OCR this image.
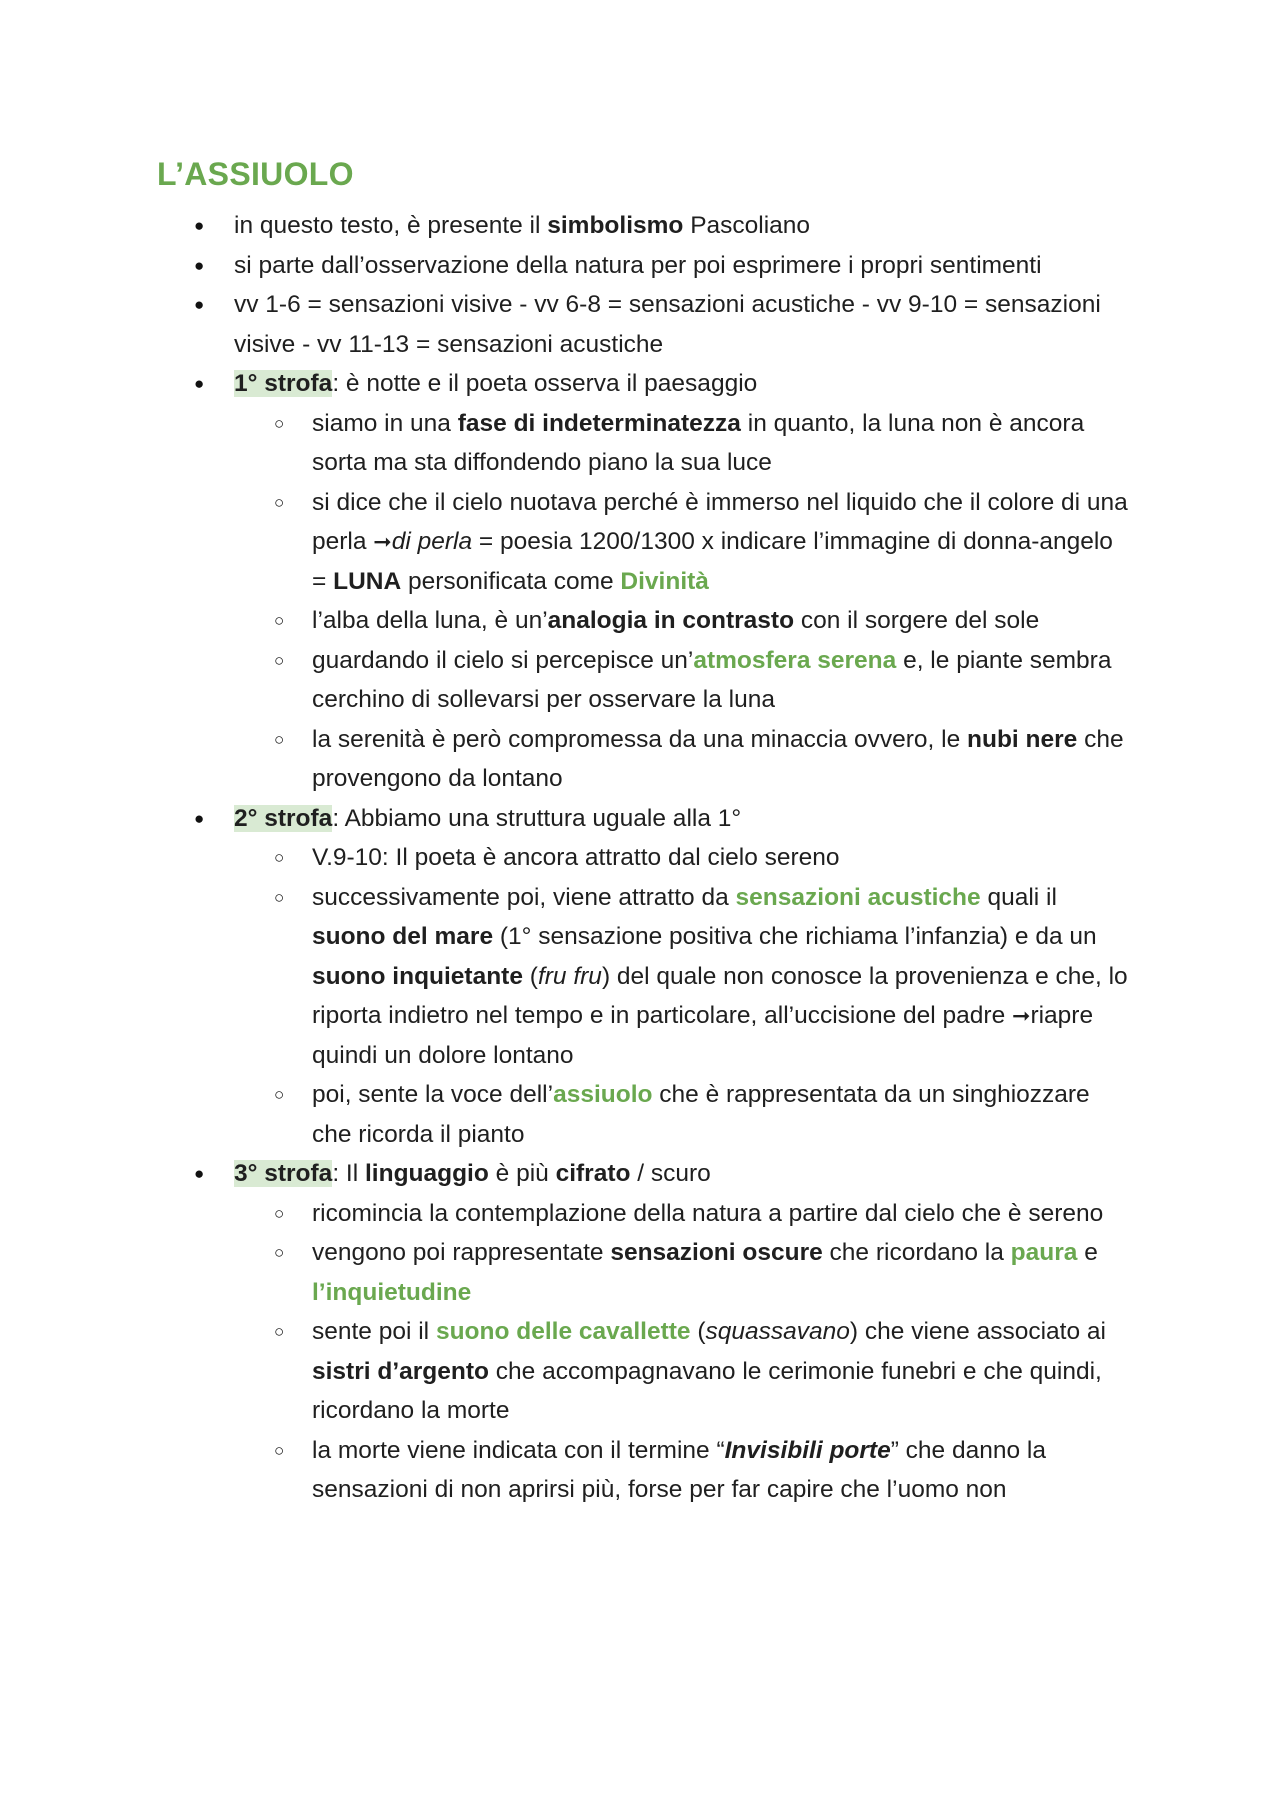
L’ASSIUOLO
● in questo testo, è presente il simbolismo Pascoliano
● si parte dall’osservazione della natura per poi esprimere i propri sentimenti
● vv 1-6 = sensazioni visive - vv 6-8 = sensazioni acustiche - vv 9-10 = sensazioni visive - vv 11-13 = sensazioni acustiche
● 1° strofa: è notte e il poeta osserva il paesaggio
○ siamo in una fase di indeterminatezza in quanto, la luna non è ancora sorta ma sta diffondendo piano la sua luce
○ si dice che il cielo nuotava perché è immerso nel liquido che il colore di una perla ➞di perla = poesia 1200/1300 x indicare l’immagine di donna-angelo = LUNA personificata come Divinità
○ l’alba della luna, è un’analogia in contrasto con il sorgere del sole
○ guardando il cielo si percepisce un’atmosfera serena e, le piante sembra cerchino di sollevarsi per osservare la luna
○ la serenità è però compromessa da una minaccia ovvero, le nubi nere che provengono da lontano
● 2° strofa: Abbiamo una struttura uguale alla 1°
○ V.9-10: Il poeta è ancora attratto dal cielo sereno
○ successivamente poi, viene attratto da sensazioni acustiche quali il suono del mare (1° sensazione positiva che richiama l’infanzia) e da un suono inquietante (fru fru) del quale non conosce la provenienza e che, lo riporta indietro nel tempo e in particolare, all’uccisione del padre ➞riapre quindi un dolore lontano
○ poi, sente la voce dell’assiuolo che è rappresentata da un singhiozzare che ricorda il pianto
● 3° strofa: Il linguaggio è più cifrato / scuro
○ ricomincia la contemplazione della natura a partire dal cielo che è sereno
○ vengono poi rappresentate sensazioni oscure che ricordano la paura e l’inquietudine
○ sente poi il suono delle cavallette (squassavano) che viene associato ai sistri d’argento che accompagnavano le cerimonie funebri e che quindi, ricordano la morte
○ la morte viene indicata con il termine “Invisibili porte” che danno la sensazioni di non aprirsi più, forse per far capire che l’uomo non
